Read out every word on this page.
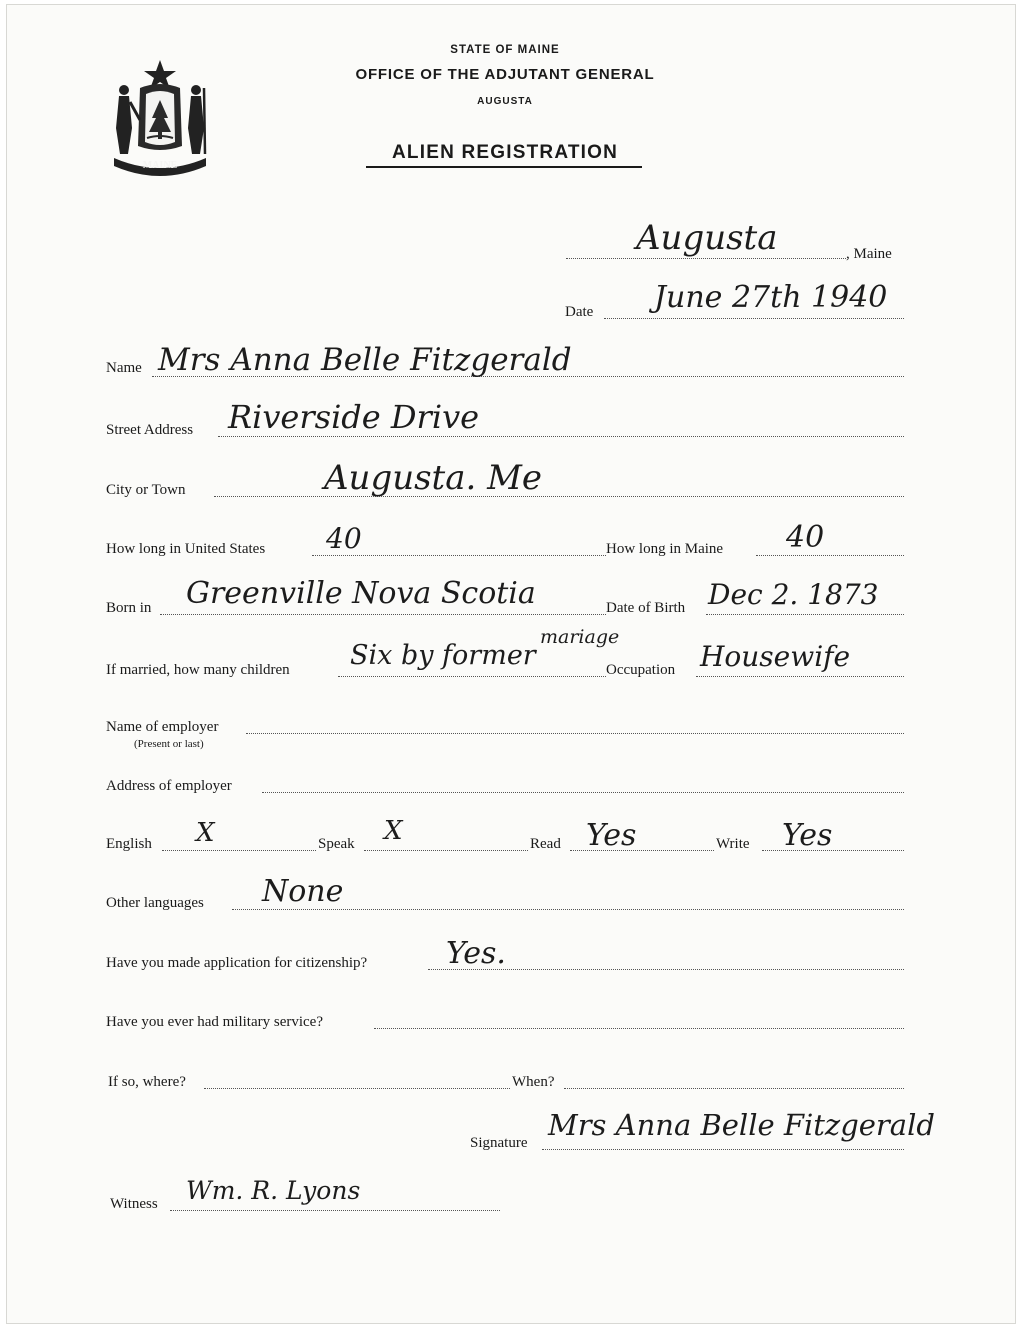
MAINE
STATE OF MAINE
OFFICE OF THE ADJUTANT GENERAL
AUGUSTA
ALIEN REGISTRATION
Augusta	, Maine
Date June 27th 1940
Name Mrs Anna Belle Fitzgerald
Street Address Riverside Drive
City or Town	Augusta. Me
How long in United States 40	How long in Maine 40
Born in Greenville Nova Scotia	Date of Birth Dec 2. 1873
If married, how many children Six by former
mariage
Occupation Housewife
Name of employer
(Present or last)
Address of employer
English X	Speak X	Read Yes	Write Yes
Other languages None
Have you made application for citizenship?	Yes.
Have you ever had military service?
If so, where?	When?
Signature
Mrs Anna Belle Fitzgerald
Witness Wm. R. Lyons
